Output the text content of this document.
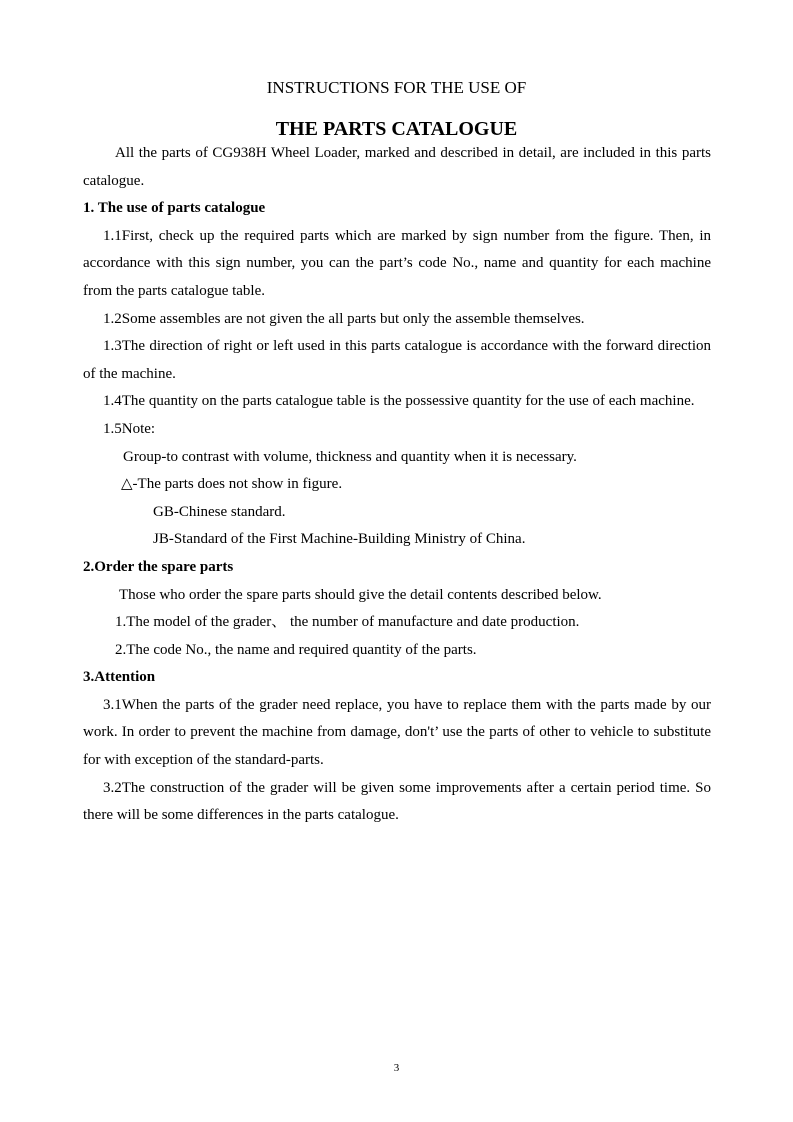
INSTRUCTIONS FOR THE USE OF
THE PARTS CATALOGUE

All the parts of CG938H Wheel Loader, marked and described in detail, are included in this parts catalogue.

1. The use of parts catalogue

1.1First, check up the required parts which are marked by sign number from the figure. Then, in accordance with this sign number, you can the part’s code No., name and quantity for each machine from the parts catalogue table.

1.2Some assembles are not given the all parts but only the assemble themselves.

1.3The direction of right or left used in this parts catalogue is accordance with the forward direction of the machine.

1.4The quantity on the parts catalogue table is the possessive quantity for the use of each machine.

1.5Note:

Group-to contrast with volume, thickness and quantity when it is necessary.

△-The parts does not show in figure.

GB-Chinese standard.

JB-Standard of the First Machine-Building Ministry of China.

2.Order the spare parts

Those who order the spare parts should give the detail contents described below.

1.The model of the grader、 the number of manufacture and date production.

2.The code No., the name and required quantity of the parts.

3.Attention

3.1When the parts of the grader need replace, you have to replace them with the parts made by our work. In order to prevent the machine from damage, don't’ use the parts of other to vehicle to substitute for with exception of the standard-parts.

3.2The construction of the grader will be given some improvements after a certain period time. So there will be some differences in the parts catalogue.

3
